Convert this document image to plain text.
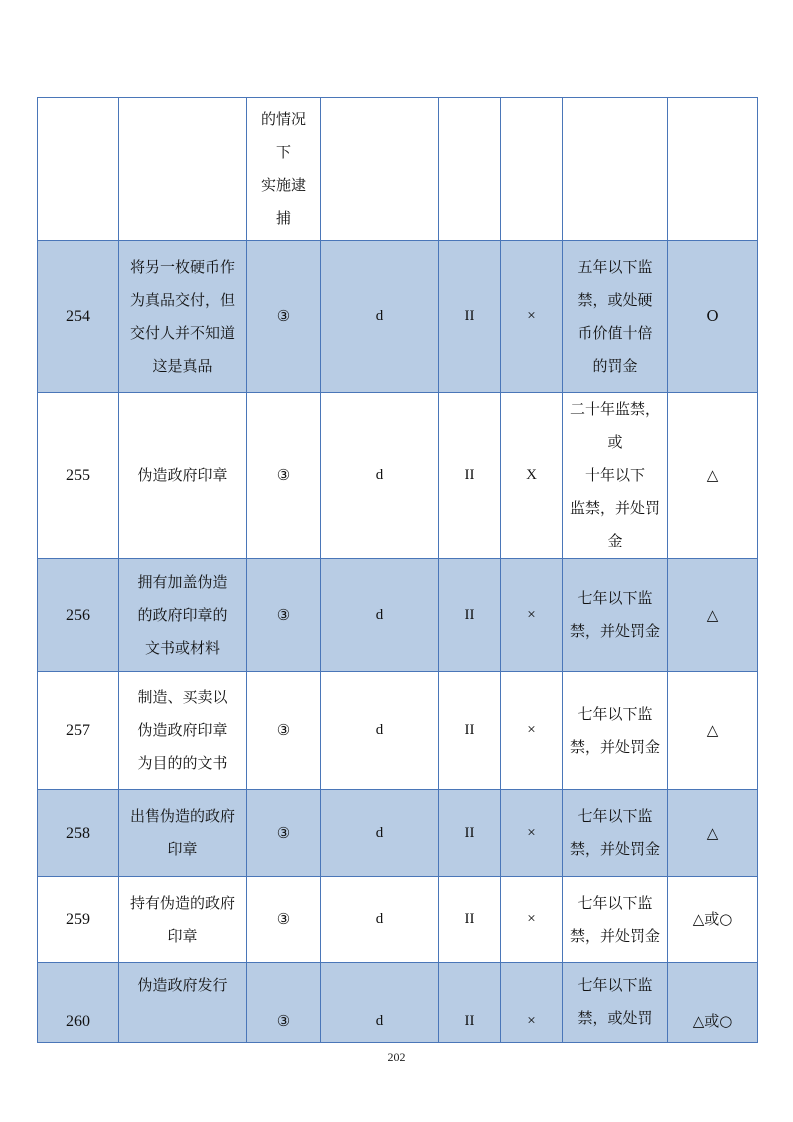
		的情况
下
实施逮
捕					
254	将另一枚硬币作
为真品交付，但
交付人并不知道
这是真品	③	d	II	×	五年以下监
禁，或处硬
币价值十倍
的罚金	O
255	伪造政府印章	③	d	II	X	二十年监禁，或
十年以下
监禁，并处罚
金	△
256	拥有加盖伪造
的政府印章的
文书或材料	③	d	II	×	七年以下监
禁，并处罚金	△
257	制造、买卖以
伪造政府印章
为目的的文书	③	d	II	×	七年以下监
禁，并处罚金	△
258	出售伪造的政府
印章	③	d	II	×	七年以下监
禁，并处罚金	△
259	持有伪造的政府
印章	③	d	II	×	七年以下监
禁，并处罚金	△或○
260	伪造政府发行	③	d	II	×	七年以下监
禁，或处罚	△或○
202
